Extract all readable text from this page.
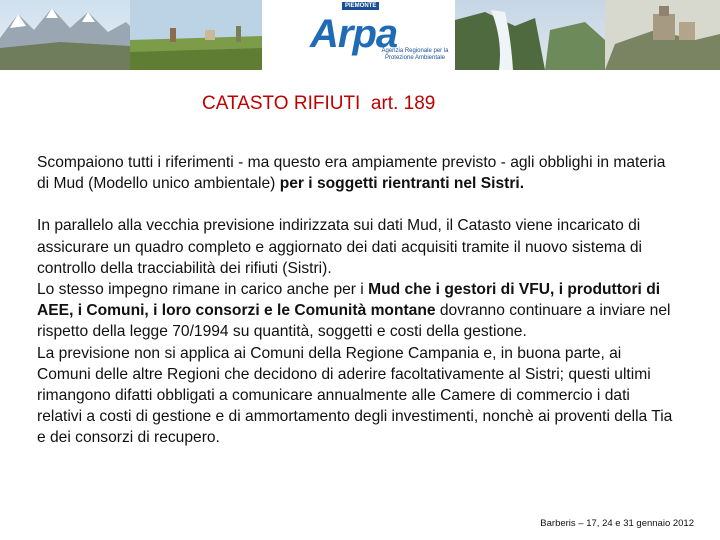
PIEMONTE
Arpa
Agenzia Regionale per la Protezione Ambientale
CATASTO RIFIUTI  art. 189

Scompaiono tutti i riferimenti - ma questo era ampiamente previsto - agli obblighi in materia di Mud (Modello unico ambientale) per i soggetti rientranti nel Sistri.

In parallelo alla vecchia previsione indirizzata sui dati Mud, il Catasto viene incaricato di assicurare un quadro completo e aggiornato dei dati acquisiti tramite il nuovo sistema di controllo della tracciabilità dei rifiuti (Sistri).

Lo stesso impegno rimane in carico anche per i Mud che i gestori di VFU, i produttori di AEE, i Comuni, i loro consorzi e le Comunità montane dovranno continuare a inviare nel rispetto della legge 70/1994 su quantità, soggetti e costi della gestione.

La previsione non si applica ai Comuni della Regione Campania e, in buona parte, ai Comuni delle altre Regioni che decidono di aderire facoltativamente al Sistri; questi ultimi rimangono difatti obbligati a comunicare annualmente alle Camere di commercio i dati relativi a costi di gestione e di ammortamento degli investimenti, nonchè ai proventi della Tia e dei consorzi di recupero.

Barberis – 17, 24 e 31 gennaio 2012
